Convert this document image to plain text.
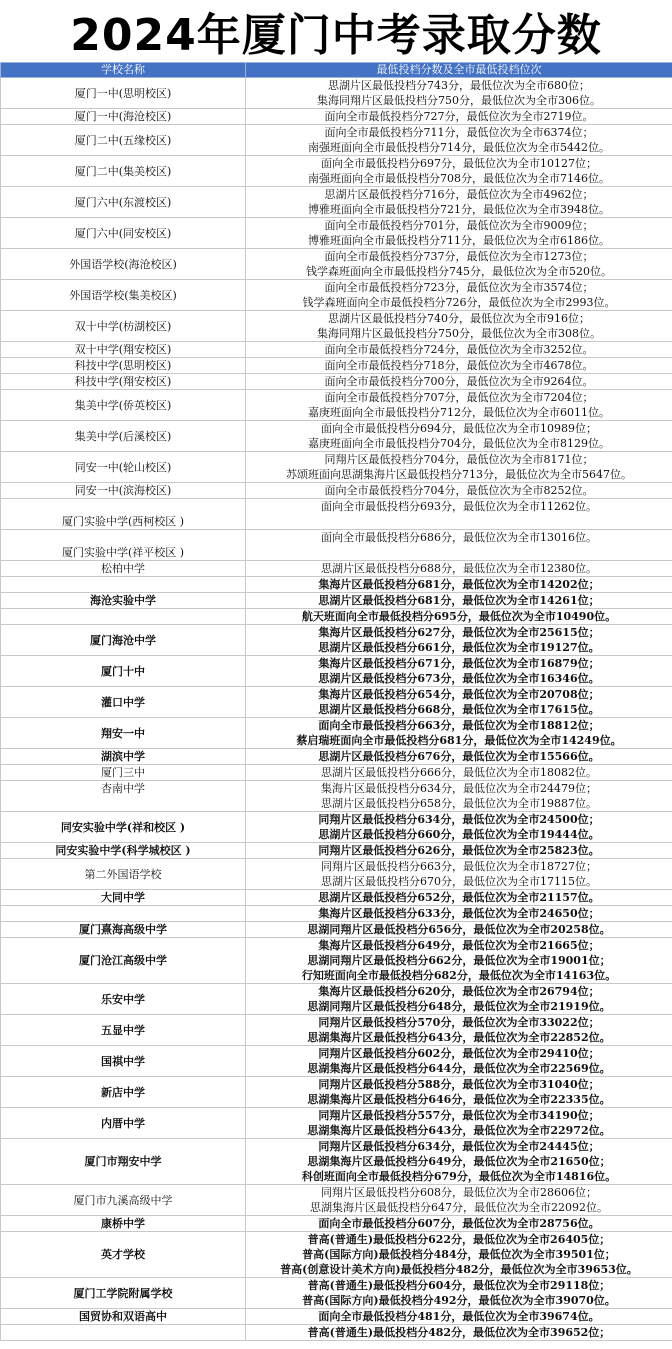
2024年厦门中考录取分数
学校名称	最低投档分数及全市最低投档位次
厦门一中(思明校区)	思湖片区最低投档分743分，最低位次为全市680位；
集海同翔片区最低投档分750分，最低位次为全市306位。

厦门一中(海沧校区)	面向全市最低投档分727分，最低位次为全市2719位。

厦门二中(五缘校区)	面向全市最低投档分711分，最低位次为全市6374位；
南强班面向全市最低投档分714分，最低位次为全市5442位。

厦门二中(集美校区)	面向全市最低投档分697分，最低位次为全市10127位；
南强班面向全市最低投档分708分，最低位次为全市7146位。

厦门六中(东渡校区)	思湖片区最低投档分716分，最低位次为全市4962位；
博雅班面向全市最低投档分721分，最低位次为全市3948位。

厦门六中(同安校区)	面向全市最低投档分701分，最低位次为全市9009位；
博雅班面向全市最低投档分711分，最低位次为全市6186位。

外国语学校(海沧校区)	面向全市最低投档分737分，最低位次为全市1273位；
钱学森班面向全市最低投档分745分，最低位次为全市520位。

外国语学校(集美校区)	面向全市最低投档分723分，最低位次为全市3574位；
钱学森班面向全市最低投档分726分，最低位次为全市2993位。

双十中学(枋湖校区)	思湖片区最低投档分740分，最低位次为全市916位；
集海同翔片区最低投档分750分，最低位次为全市308位。

双十中学(翔安校区)	面向全市最低投档分724分，最低位次为全市3252位。

科技中学(思明校区)	面向全市最低投档分718分，最低位次为全市4678位。

科技中学(翔安校区)	面向全市最低投档分700分，最低位次为全市9264位。

集美中学(侨英校区)	面向全市最低投档分707分，最低位次为全市7204位；
嘉庚班面向全市最低投档分712分，最低位次为全市6011位。

集美中学(后溪校区)	面向全市最低投档分694分，最低位次为全市10989位；
嘉庚班面向全市最低投档分704分，最低位次为全市8129位。

同安一中(轮山校区)	同翔片区最低投档分704分，最低位次为全市8171位；
苏颂班面向思湖集海片区最低投档分713分，最低位次为全市5647位。

同安一中(滨海校区)	面向全市最低投档分704分，最低位次为全市8252位。

厦门实验中学(西柯校区 )	面向全市最低投档分693分，最低位次为全市11262位。

厦门实验中学(祥平校区 )	面向全市最低投档分686分，最低位次为全市13016位。

松柏中学	思湖片区最低投档分688分，最低位次为全市12380位。

	集海片区最低投档分681分，最低位次为全市14202位；

海沧实验中学	思湖片区最低投档分681分，最低位次为全市14261位；

	航天班面向全市最低投档分695分，最低位次为全市10490位。

厦门海沧中学	集海片区最低投档分627分，最低位次为全市25615位；
思湖片区最低投档分661分，最低位次为全市19127位。

厦门十中	集海片区最低投档分671分，最低位次为全市16879位；
思湖片区最低投档分673分，最低位次为全市16346位。

灌口中学	集海片区最低投档分654分，最低位次为全市20708位；
思湖片区最低投档分668分，最低位次为全市17615位。

翔安一中	面向全市最低投档分663分，最低位次为全市18812位；
蔡启瑞班面向全市最低投档分681分，最低位次为全市14249位。

湖滨中学	思湖片区最低投档分676分，最低位次为全市15566位。

厦门三中	思湖片区最低投档分666分，最低位次为全市18082位。

杏南中学	集海片区最低投档分634分，最低位次为全市24479位；
思湖片区最低投档分658分，最低位次为全市19887位。

同安实验中学(祥和校区 )	同翔片区最低投档分634分，最低位次为全市24500位；
思湖片区最低投档分660分，最低位次为全市19444位。

同安实验中学(科学城校区 )	同翔片区最低投档分626分，最低位次为全市25823位。

第二外国语学校	同翔片区最低投档分663分，最低位次为全市18727位；
思湖片区最低投档分670分，最低位次为全市17115位。

大同中学	思湖片区最低投档分652分，最低位次为全市21157位。

	集海片区最低投档分633分，最低位次为全市24650位；

厦门熹海高级中学	思湖同翔片区最低投档分656分，最低位次为全市20258位。

厦门沧江高级中学	集海片区最低投档分649分，最低位次为全市21665位；
思湖同翔片区最低投档分662分，最低位次为全市19001位；
行知班面向全市最低投档分682分，最低位次为全市14163位。

乐安中学	集海片区最低投档分620分，最低位次为全市26794位；
思湖同翔片区最低投档分648分，最低位次为全市21919位。

五显中学	同翔片区最低投档分570分，最低位次为全市33022位；
思湖集海片区最低投档分643分，最低位次为全市22852位。

国祺中学	同翔片区最低投档分602分，最低位次为全市29410位；
思湖集海片区最低投档分644分，最低位次为全市22569位。

新店中学	同翔片区最低投档分588分，最低位次为全市31040位；
思湖集海片区最低投档分646分，最低位次为全市22335位。

内厝中学	同翔片区最低投档分557分，最低位次为全市34190位；
思湖集海片区最低投档分643分，最低位次为全市22972位。

厦门市翔安中学	同翔片区最低投档分634分，最低位次为全市24445位；
思湖集海片区最低投档分649分，最低位次为全市21650位；
科创班面向全市最低投档分679分，最低位次为全市14816位。

厦门市九溪高级中学	同翔片区最低投档分608分，最低位次为全市28606位；
思湖集海片区最低投档分647分，最低位次为全市22092位。

康桥中学	面向全市最低投档分607分，最低位次为全市28756位。

英才学校	普高(普通生)最低投档分622分，最低位次为全市26405位；
普高(国际方向)最低投档分484分，最低位次为全市39501位；
普高(创意设计美术方向)最低投档分482分，最低位次为全市39653位。

厦门工学院附属学校	普高(普通生)最低投档分604分，最低位次为全市29118位；
普高(国际方向)最低投档分492分，最低位次为全市39070位。

国贸协和双语高中	面向全市最低投档分481分，最低位次为全市39674位。

	普高(普通生)最低投档分482分，最低位次为全市39652位；
